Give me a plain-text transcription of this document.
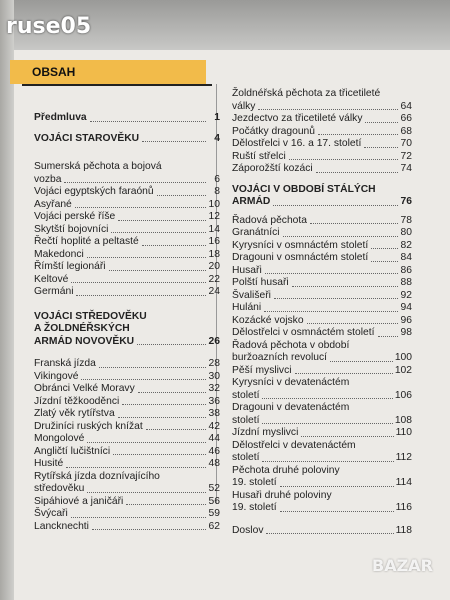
ruse05
OBSAH
Předmluva	1
VOJÁCI STAROVĚKU	4
Sumerská pěchota a bojová
vozba	6
Vojáci egyptských faraónů	8
Asyřané	10
Vojáci perské říše	12
Skytští bojovníci	14
Řečtí hoplité a peltasté	16
Makedonci	18
Římští legionáři	20
Keltové	22
Germáni	24
VOJÁCI STŘEDOVĚKU
A ŽOLDNÉŘSKÝCH
ARMÁD NOVOVĚKU	26
Franská jízda	28
Vikingové	30
Obránci Velké Moravy	32
Jízdní těžkooděnci	36
Zlatý věk rytířstva	38
Družiníci ruských knížat	42
Mongolové	44
Angličtí lučištníci	46
Husité	48
Rytířská jízda doznívajícího
středověku	52
Sipáhiové a janičáři	56
Švýcaři	59
Lancknechti	62
Žoldnéřská pěchota za třicetileté
války	64
Jezdectvo za třicetileté války	66
Počátky dragounů	68
Dělostřelci v 16. a 17. století	70
Ruští střelci	72
Záporožští kozáci	74
VOJÁCI V OBDOBÍ STÁLÝCH
ARMÁD	76
Řadová pěchota	78
Granátníci	80
Kyrysníci v osmnáctém století	82
Dragouni v osmnáctém století	84
Husaři	86
Polští husaři	88
Švališeři	92
Huláni	94
Kozácké vojsko	96
Dělostřelci v osmnáctém století	98
Řadová pěchota v období
buržoazních revolucí	100
Pěší myslivci	102
Kyrysníci v devatenáctém
století	106
Dragouni v devatenáctém
století	108
Jízdní myslivci	110
Dělostřelci v devatenáctém
století	112
Pěchota druhé poloviny
19. století	114
Husaři druhé poloviny
19. století	116
Doslov	118
BAZAR
